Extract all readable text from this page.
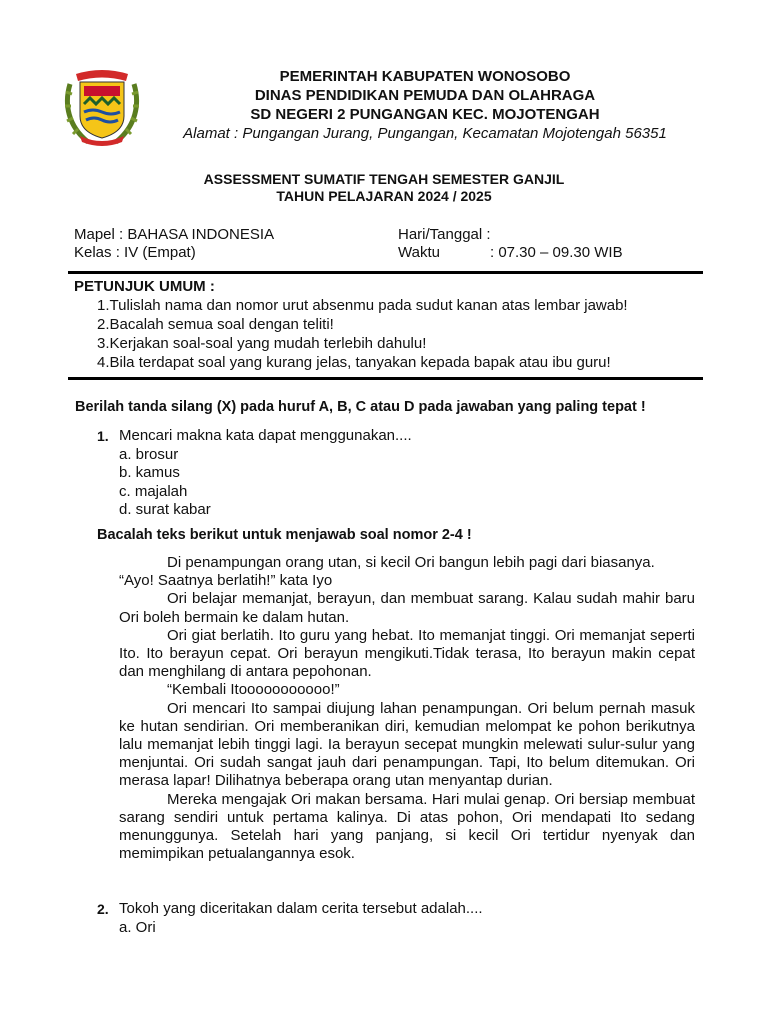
PEMERINTAH KABUPATEN WONOSOBO
DINAS PENDIDIKAN PEMUDA DAN OLAHRAGA
SD NEGERI 2 PUNGANGAN KEC. MOJOTENGAH
Alamat : Pungangan Jurang, Pungangan, Kecamatan Mojotengah 56351
ASSESSMENT SUMATIF TENGAH SEMESTER GANJIL
TAHUN PELAJARAN 2024 / 2025
Mapel : BAHASA INDONESIA
Kelas : IV (Empat)
Hari/Tanggal :
Waktu	: 07.30 – 09.30 WIB
PETUNJUK UMUM :
1.Tulislah nama dan nomor urut absenmu pada sudut kanan atas lembar jawab!
2.Bacalah semua soal dengan teliti!
3.Kerjakan soal-soal yang mudah terlebih dahulu!
4.Bila terdapat soal yang kurang jelas, tanyakan kepada bapak atau ibu guru!
Berilah tanda silang (X) pada huruf A, B, C atau D pada jawaban yang paling tepat !
1. Mencari makna kata dapat menggunakan....
a. brosur
b. kamus
c. majalah
d. surat kabar
Bacalah teks berikut untuk menjawab soal nomor 2-4 !

Di penampungan orang utan, si kecil Ori bangun lebih pagi dari biasanya.

“Ayo! Saatnya berlatih!” kata Iyo

Ori belajar memanjat, berayun, dan membuat sarang. Kalau sudah mahir baru Ori boleh bermain ke dalam hutan.

Ori giat berlatih. Ito guru yang hebat. Ito memanjat tinggi. Ori memanjat seperti Ito. Ito berayun cepat. Ori berayun mengikuti.Tidak terasa, Ito berayun makin cepat dan menghilang di antara pepohonan.

“Kembali Itooooooooooo!”

Ori mencari Ito sampai diujung lahan penampungan. Ori belum pernah masuk ke hutan sendirian. Ori memberanikan diri, kemudian melompat ke pohon berikutnya lalu memanjat lebih tinggi lagi. Ia berayun secepat mungkin melewati sulur-sulur yang menjuntai. Ori sudah sangat jauh dari penampungan. Tapi, Ito belum ditemukan. Ori merasa lapar! Dilihatnya beberapa orang utan menyantap durian.

Mereka mengajak Ori makan bersama. Hari mulai genap. Ori bersiap membuat sarang sendiri untuk pertama kalinya. Di atas pohon, Ori mendapati Ito sedang menunggunya. Setelah hari yang panjang, si kecil Ori tertidur nyenyak dan memimpikan petualangannya esok.

2. Tokoh yang diceritakan dalam cerita tersebut adalah....
a. Ori
